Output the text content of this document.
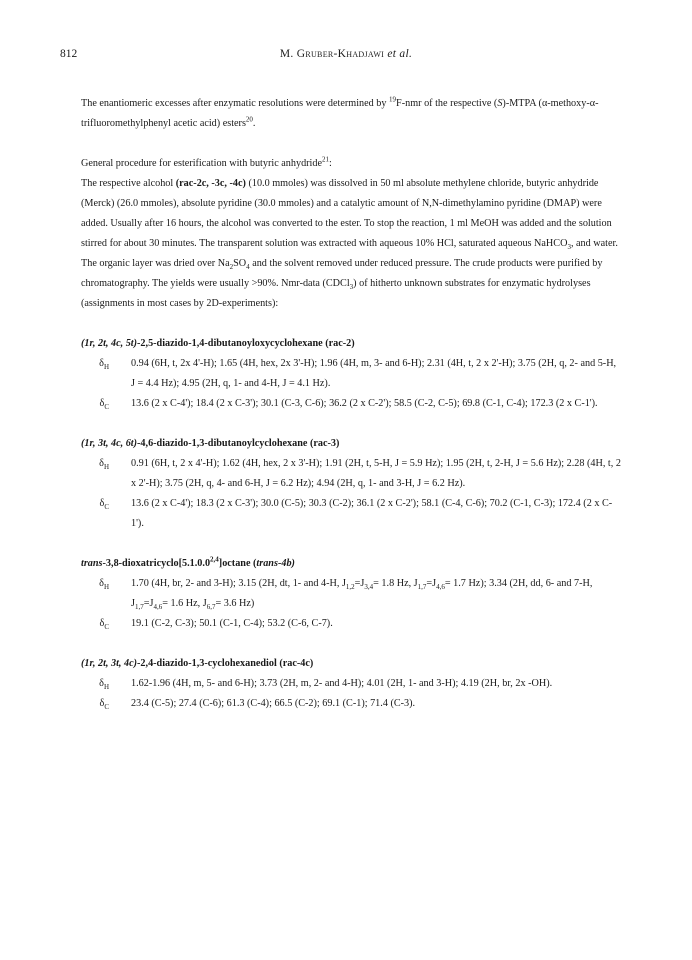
812	M. Gruber-Khadjawi et al.

The enantiomeric excesses after enzymatic resolutions were determined by $^{19}$F-nmr of the respective (S)-MTPA (α-methoxy-α-trifluoromethylphenyl acetic acid) esters$^{20}$.

General procedure for esterification with butyric anhydride$^{21}$:

The respective alcohol (rac-2c, -3c, -4c) (10.0 mmoles) was dissolved in 50 ml absolute methylene chloride, butyric anhydride (Merck) (26.0 mmoles), absolute pyridine (30.0 mmoles) and a catalytic amount of N,N-dimethylamino pyridine (DMAP) were added. Usually after 16 hours, the alcohol was converted to the ester. To stop the reaction, 1 ml MeOH was added and the solution stirred for about 30 minutes. The transparent solution was extracted with aqueous 10% HCl, saturated aqueous NaHCO$_3$, and water. The organic layer was dried over $Na_2SO_4$ and the solvent removed under reduced pressure. The crude products were purified by chromatography. The yields were usually >90%. Nmr-data (CDCl$_3$) of hitherto unknown substrates for enzymatic hydrolyses (assignments in most cases by 2D-experiments):

(1r, 2t, 4c, 5t)-2,5-diazido-1,4-dibutanoyloxycyclohexane (rac-2)

$\delta_H$	0.94 (6H, t, 2x 4'-H); 1.65 (4H, hex, 2x 3'-H); 1.96 (4H, m, 3- and 6-H); 2.31 (4H, t, 2 x 2'-H); 3.75 (2H, q, 2- and 5-H, J = 4.4 Hz); 4.95 (2H, q, 1- and 4-H, J = 4.1 Hz).
$\delta_C$	13.6 (2 x C-4'); 18.4 (2 x C-3'); 30.1 (C-3, C-6); 36.2 (2 x C-2'); 58.5 (C-2, C-5); 69.8 (C-1, C-4); 172.3 (2 x C-1').

(1r, 3t, 4c, 6t)-4,6-diazido-1,3-dibutanoylcyclohexane (rac-3)

$\delta_H$	0.91 (6H, t, 2 x 4'-H); 1.62 (4H, hex, 2 x 3'-H); 1.91 (2H, t, 5-H, J = 5.9 Hz); 1.95 (2H, t, 2-H, J = 5.6 Hz); 2.28 (4H, t, 2 x 2'-H); 3.75 (2H, q, 4- and 6-H, J = 6.2 Hz); 4.94 (2H, q, 1- and 3-H, J = 6.2 Hz).
$\delta_C$	13.6 (2 x C-4'); 18.3 (2 x C-3'); 30.0 (C-5); 30.3 (C-2); 36.1 (2 x C-2'); 58.1 (C-4, C-6); 70.2 (C-1, C-3); 172.4 (2 x C-1').

trans-3,8-dioxatricyclo[5.1.0.0$^{2,4}$]octane (trans-4b)

$\delta_H$	1.70 (4H, br, 2- and 3-H); 3.15 (2H, dt, 1- and 4-H, $J_{1,2}=J_{3,4}= 1.8$ Hz, $J_{1,7}=J_{4,6}= 1.7$ Hz); 3.34 (2H, dd, 6- and 7-H, $J_{1,7}=J_{4,6}= 1.6$ Hz, $J_{6,7}= 3.6$ Hz)
$\delta_C$	19.1 (C-2, C-3); 50.1 (C-1, C-4); 53.2 (C-6, C-7).

(1r, 2t, 3t, 4c)-2,4-diazido-1,3-cyclohexanediol (rac-4c)

$\delta_H$	1.62-1.96 (4H, m, 5- and 6-H); 3.73 (2H, m, 2- and 4-H); 4.01 (2H, 1- and 3-H); 4.19 (2H, br, 2x -OH).
$\delta_C$	23.4 (C-5); 27.4 (C-6); 61.3 (C-4); 66.5 (C-2); 69.1 (C-1); 71.4 (C-3).
